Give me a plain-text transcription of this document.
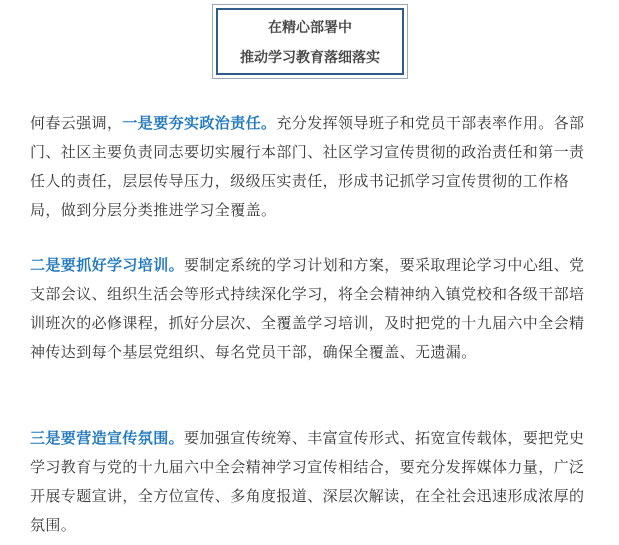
在精心部署中
推动学习教育落细落实

何春云强调，一是要夯实政治责任。充分发挥领导班子和党员干部表率作用。各部门、社区主要负责同志要切实履行本部门、社区学习宣传贯彻的政治责任和第一责任人的责任，层层传导压力，级级压实责任，形成书记抓学习宣传贯彻的工作格局，做到分层分类推进学习全覆盖。

二是要抓好学习培训。要制定系统的学习计划和方案，要采取理论学习中心组、党支部会议、组织生活会等形式持续深化学习，将全会精神纳入镇党校和各级干部培训班次的必修课程，抓好分层次、全覆盖学习培训，及时把党的十九届六中全会精神传达到每个基层党组织、每名党员干部，确保全覆盖、无遗漏。

三是要营造宣传氛围。要加强宣传统筹、丰富宣传形式、拓宽宣传载体，要把党史学习教育与党的十九届六中全会精神学习宣传相结合，要充分发挥媒体力量，广泛开展专题宣讲，全方位宣传、多角度报道、深层次解读，在全社会迅速形成浓厚的氛围。
